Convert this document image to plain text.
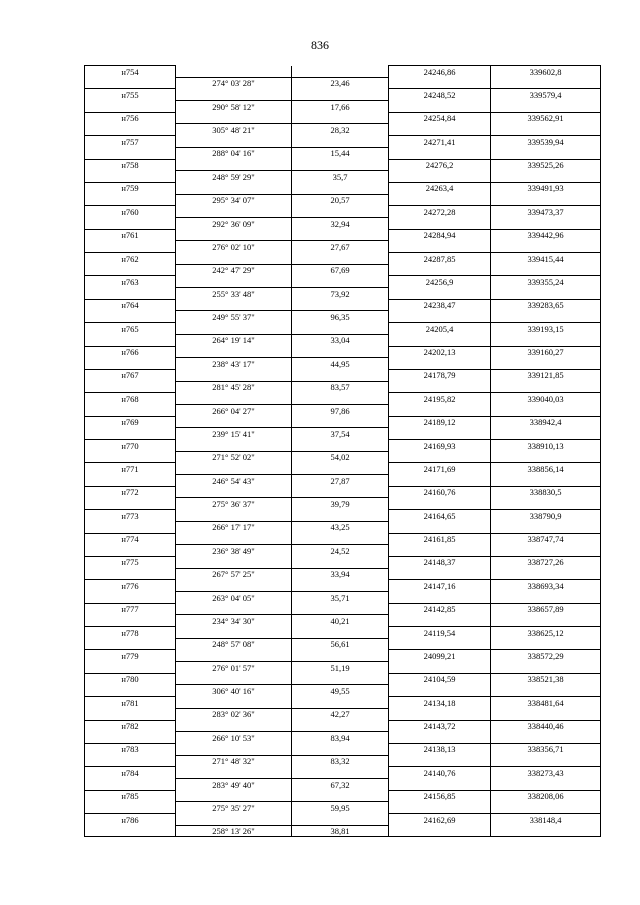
836
н754			24246,86	339602,8
	274° 03' 28"	23,46		
н755			24248,52	339579,4
	290° 58' 12"	17,66		
н756			24254,84	339562,91
	305° 48' 21"	28,32		
н757			24271,41	339539,94
	288° 04' 16"	15,44		
н758			24276,2	339525,26
	248° 59' 29"	35,7		
н759			24263,4	339491,93
	295° 34' 07"	20,57		
н760			24272,28	339473,37
	292° 36' 09"	32,94		
н761			24284,94	339442,96
	276° 02' 10"	27,67		
н762			24287,85	339415,44
	242° 47' 29"	67,69		
н763			24256,9	339355,24
	255° 33' 48"	73,92		
н764			24238,47	339283,65
	249° 55' 37"	96,35		
н765			24205,4	339193,15
	264° 19' 14"	33,04		
н766			24202,13	339160,27
	238° 43' 17"	44,95		
н767			24178,79	339121,85
	281° 45' 28"	83,57		
н768			24195,82	339040,03
	266° 04' 27"	97,86		
н769			24189,12	338942,4
	239° 15' 41"	37,54		
н770			24169,93	338910,13
	271° 52' 02"	54,02		
н771			24171,69	338856,14
	246° 54' 43"	27,87		
н772			24160,76	338830,5
	275° 36' 37"	39,79		
н773			24164,65	338790,9
	266° 17' 17"	43,25		
н774			24161,85	338747,74
	236° 38' 49"	24,52		
н775			24148,37	338727,26
	267° 57' 25"	33,94		
н776			24147,16	338693,34
	263° 04' 05"	35,71		
н777			24142,85	338657,89
	234° 34' 30"	40,21		
н778			24119,54	338625,12
	248° 57' 08"	56,61		
н779			24099,21	338572,29
	276° 01' 57"	51,19		
н780			24104,59	338521,38
	306° 40' 16"	49,55		
н781			24134,18	338481,64
	283° 02' 36"	42,27		
н782			24143,72	338440,46
	266° 10' 53"	83,94		
н783			24138,13	338356,71
	271° 48' 32"	83,32		
н784			24140,76	338273,43
	283° 49' 40"	67,32		
н785			24156,85	338208,06
	275° 35' 27"	59,95		
н786			24162,69	338148,4
	258° 13' 26"	38,81		
